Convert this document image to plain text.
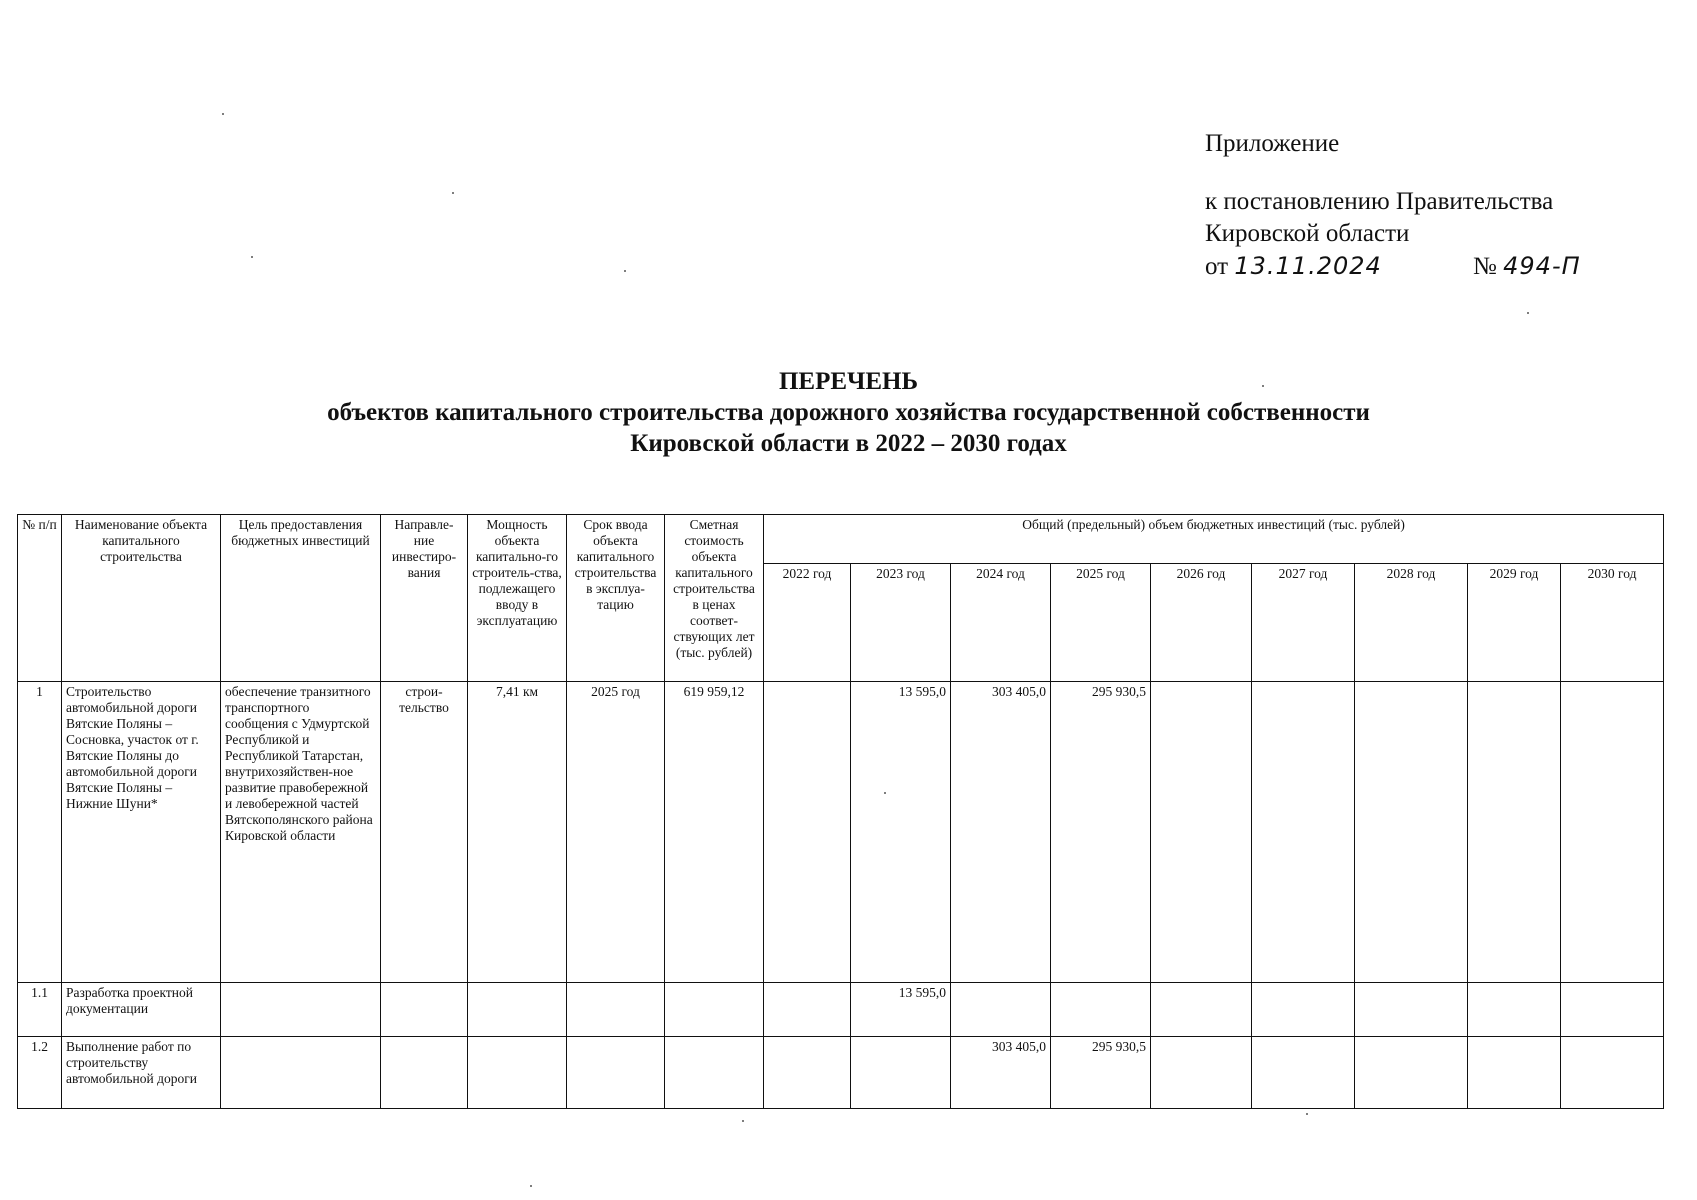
Приложение
к постановлению Правительства
Кировской области
от 13.11.2024	№ 494-П
ПЕРЕЧЕНЬ
объектов капитального строительства дорожного хозяйства государственной собственности
Кировской области в 2022 – 2030 годах
№ п/п	Наименование объекта капитального строительства	Цель предоставления бюджетных инвестиций	Направле-ние инвестиро-вания	Мощность объекта капитально-го строитель-ства, подлежащего вводу в эксплуатацию	Срок ввода объекта капитального строительства в эксплуа-тацию	Сметная стоимость объекта капитального строительства в ценах соответ-ствующих лет (тыс. рублей)	Общий (предельный) объем бюджетных инвестиций (тыс. рублей)								
							2022 год	2023 год	2024 год	2025 год	2026 год	2027 год	2028 год	2029 год	2030 год
1	Строительство автомобильной дороги Вятские Поляны – Сосновка, участок от г. Вятские Поляны до автомобильной дороги Вятские Поляны – Нижние Шуни*	обеспечение транзитного транспортного сообщения с Удмуртской Республикой и Республикой Татарстан, внутрихозяйствен-ное развитие правобережной и левобережной частей Вятскополянского района Кировской области	строи-тельство	7,41 км	2025 год	619 959,12		13 595,0	303 405,0	295 930,5					
1.1	Разработка проектной документации							13 595,0							
1.2	Выполнение работ по строительству автомобильной дороги								303 405,0	295 930,5					
